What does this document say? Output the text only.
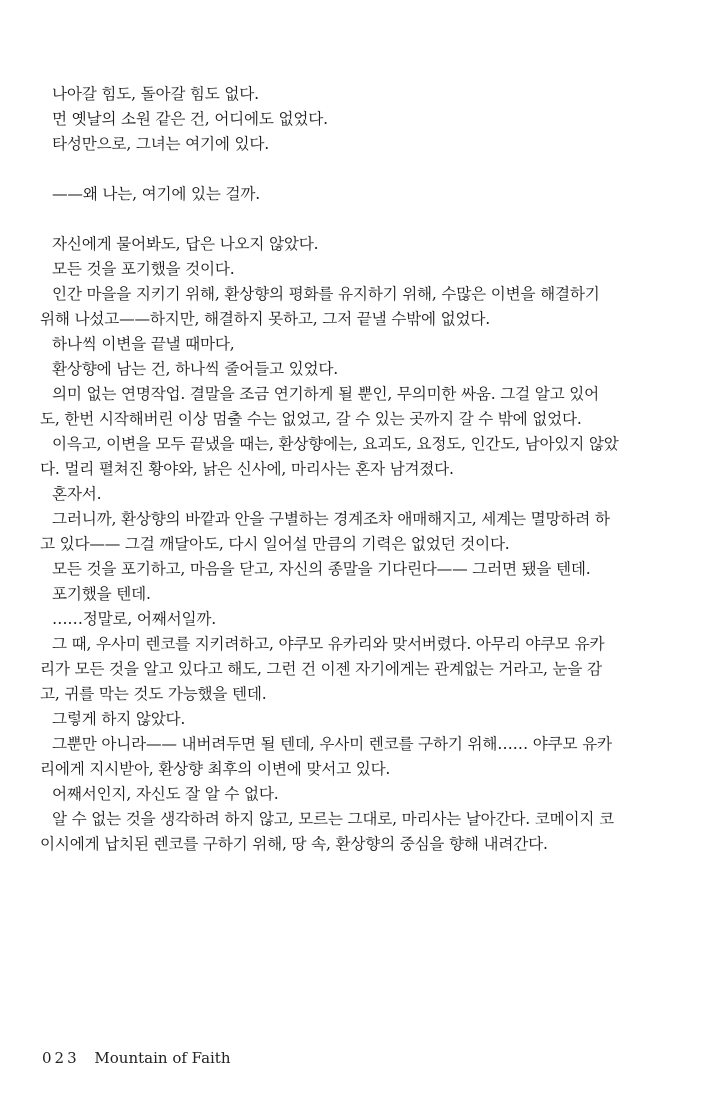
나아갈 힘도, 돌아갈 힘도 없다.
먼 옛날의 소원 같은 건, 어디에도 없었다.
타성만으로, 그녀는 여기에 있다.
——왜 나는, 여기에 있는 걸까.
자신에게 물어봐도, 답은 나오지 않았다.
모든 것을 포기했을 것이다.
인간 마을을 지키기 위해, 환상향의 평화를 유지하기 위해, 수많은 이변을 해결하기
위해 나섰고——하지만, 해결하지 못하고, 그저 끝낼 수밖에 없었다.
하나씩 이변을 끝낼 때마다,
환상향에 남는 건, 하나씩 줄어들고 있었다.
의미 없는 연명작업. 결말을 조금 연기하게 될 뿐인, 무의미한 싸움. 그걸 알고 있어
도, 한번 시작해버린 이상 멈출 수는 없었고, 갈 수 있는 곳까지 갈 수 밖에 없었다.
이윽고, 이변을 모두 끝냈을 때는, 환상향에는, 요괴도, 요정도, 인간도, 남아있지 않았
다. 멀리 펼쳐진 황야와, 낡은 신사에, 마리사는 혼자 남겨졌다.
혼자서.
그러니까, 환상향의 바깥과 안을 구별하는 경계조차 애매해지고, 세계는 멸망하려 하
고 있다—— 그걸 깨달아도, 다시 일어설 만큼의 기력은 없었던 것이다.
모든 것을 포기하고, 마음을 닫고, 자신의 종말을 기다린다—— 그러면 됐을 텐데.
포기했을 텐데.
……정말로, 어째서일까.
그 때, 우사미 렌코를 지키려하고, 야쿠모 유카리와 맞서버렸다. 아무리 야쿠모 유카
리가 모든 것을 알고 있다고 해도, 그런 건 이젠 자기에게는 관계없는 거라고, 눈을 감
고, 귀를 막는 것도 가능했을 텐데.
그렇게 하지 않았다.
그뿐만 아니라—— 내버려두면 될 텐데, 우사미 렌코를 구하기 위해…… 야쿠모 유카
리에게 지시받아, 환상향 최후의 이변에 맞서고 있다.
어째서인지, 자신도 잘 알 수 없다.
알 수 없는 것을 생각하려 하지 않고, 모르는 그대로, 마리사는 날아간다. 코메이지 코
이시에게 납치된 렌코를 구하기 위해, 땅 속, 환상향의 중심을 향해 내려간다.
023 Mountain of Faith
